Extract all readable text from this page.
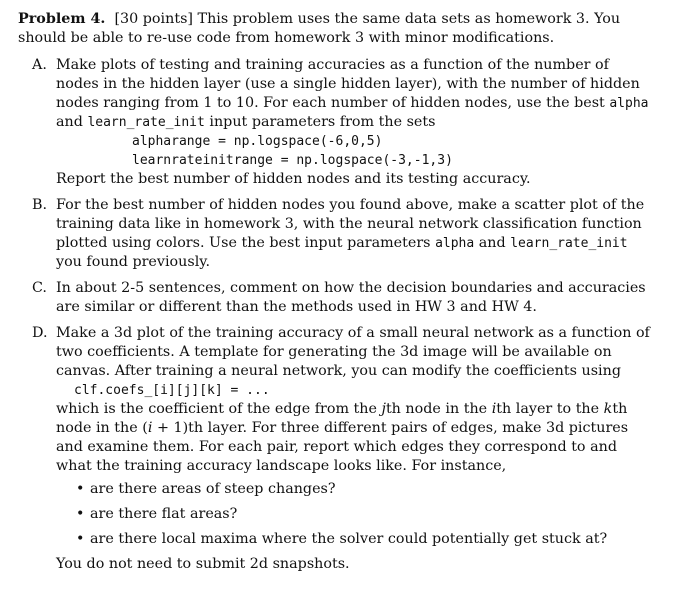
Problem 4. [30 points] This problem uses the same data sets as homework 3. You should be able to re-use code from homework 3 with minor modifications.

A. Make plots of testing and training accuracies as a function of the number of nodes in the hidden layer (use a single hidden layer), with the number of hidden nodes ranging from 1 to 10. For each number of hidden nodes, use the best alpha and learn_rate_init input parameters from the sets
alpharange = np.logspace(-6,0,5)
learnrateinitrange = np.logspace(-3,-1,3)
Report the best number of hidden nodes and its testing accuracy.
B. For the best number of hidden nodes you found above, make a scatter plot of the training data like in homework 3, with the neural network classification function plotted using colors. Use the best input parameters alpha and learn_rate_init you found previously.
C. In about 2-5 sentences, comment on how the decision boundaries and accuracies are similar or different than the methods used in HW 3 and HW 4.
D. Make a 3d plot of the training accuracy of a small neural network as a function of two coefficients. A template for generating the 3d image will be available on canvas. After training a neural network, you can modify the coefficients using
clf.coefs_[i][j][k] = ...
which is the coefficient of the edge from the jth node in the ith layer to the kth node in the (i + 1)th layer. For three different pairs of edges, make 3d pictures and examine them. For each pair, report which edges they correspond to and what the training accuracy landscape looks like. For instance,
• are there areas of steep changes?
• are there flat areas?
• are there local maxima where the solver could potentially get stuck at?
You do not need to submit 2d snapshots.
